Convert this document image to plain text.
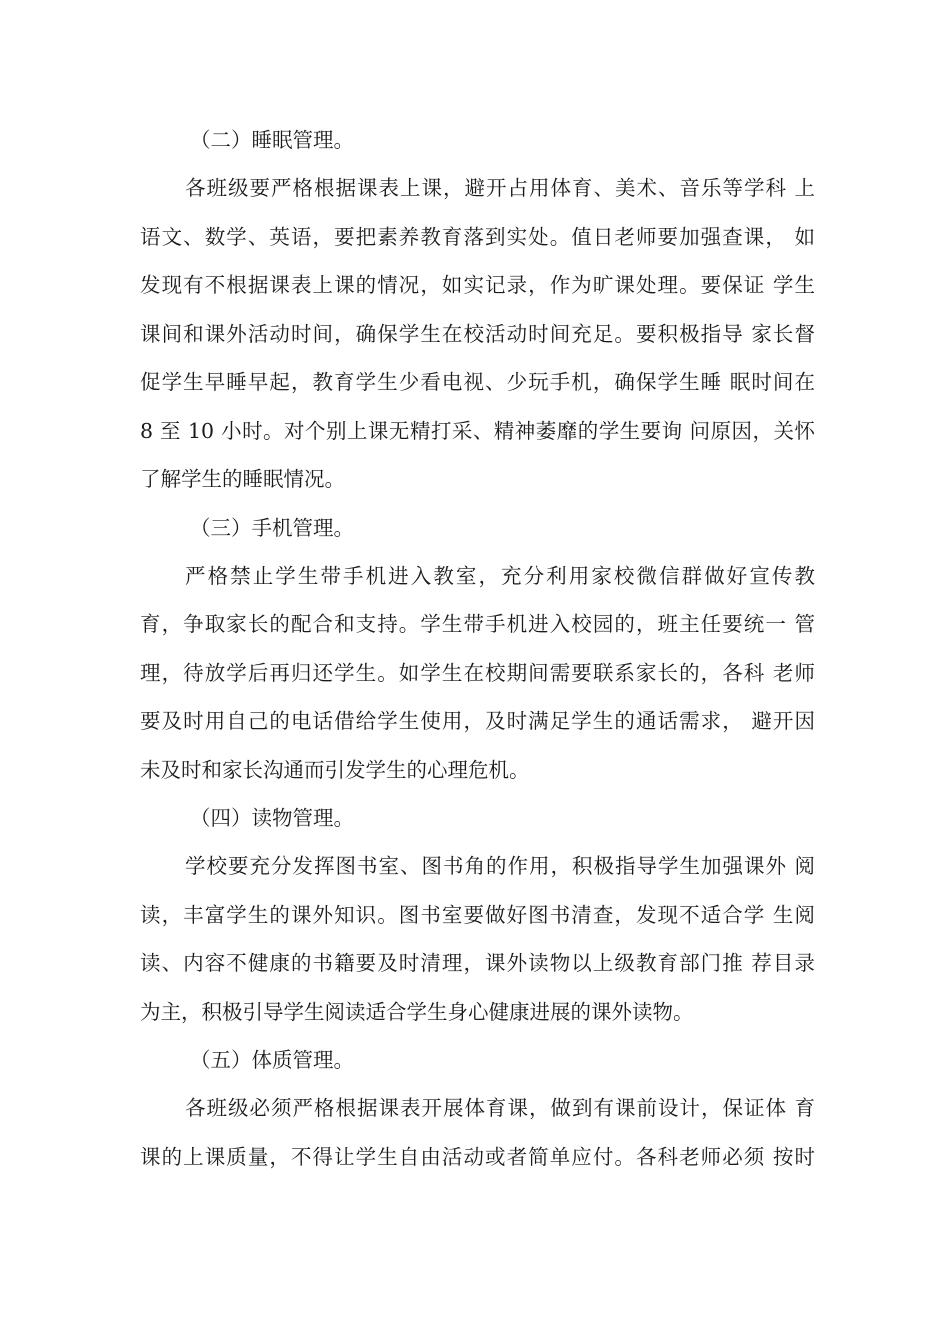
（二）睡眠管理。
各班级要严格根据课表上课，避开占用体育、美术、音乐等学科 上
语文、数学、英语，要把素养教育落到实处。值日老师要加强查课， 如
发现有不根据课表上课的情况，如实记录，作为旷课处理。要保证 学生
课间和课外活动时间，确保学生在校活动时间充足。要积极指导 家长督
促学生早睡早起，教育学生少看电视、少玩手机，确保学生睡 眠时间在
8 至 10 小时。对个别上课无精打采、精神萎靡的学生要询 问原因，关怀
了解学生的睡眠情况。
（三）手机管理。
严格禁止学生带手机进入教室，充分利用家校微信群做好宣传教
育，争取家长的配合和支持。学生带手机进入校园的，班主任要统一 管
理，待放学后再归还学生。如学生在校期间需要联系家长的，各科 老师
要及时用自己的电话借给学生使用，及时满足学生的通话需求， 避开因
未及时和家长沟通而引发学生的心理危机。
（四）读物管理。
学校要充分发挥图书室、图书角的作用，积极指导学生加强课外 阅
读，丰富学生的课外知识。图书室要做好图书清查，发现不适合学 生阅
读、内容不健康的书籍要及时清理，课外读物以上级教育部门推 荐目录
为主，积极引导学生阅读适合学生身心健康进展的课外读物。
（五）体质管理。
各班级必须严格根据课表开展体育课，做到有课前设计，保证体 育
课的上课质量，不得让学生自由活动或者简单应付。各科老师必须 按时
